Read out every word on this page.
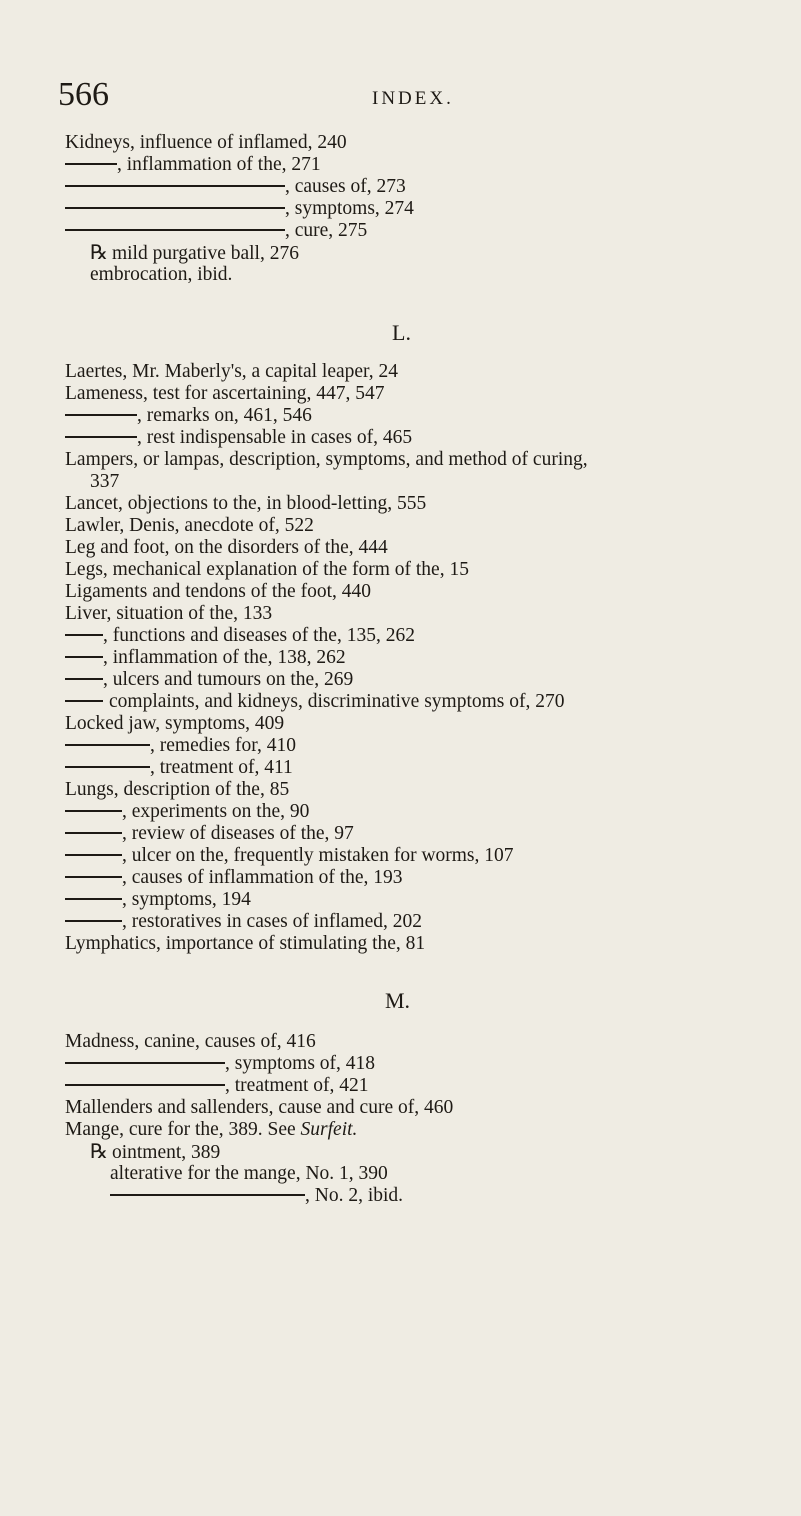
566	INDEX.
Kidneys, influence of inflamed, 240
, inflammation of the, 271
, causes of, 273
, symptoms, 274
, cure, 275
℞ mild purgative ball, 276
embrocation, ibid.
L.
Laertes, Mr. Maberly's, a capital leaper, 24
Lameness, test for ascertaining, 447, 547
, remarks on, 461, 546
, rest indispensable in cases of, 465
Lampers, or lampas, description, symptoms, and method of curing,
337
Lancet, objections to the, in blood-letting, 555
Lawler, Denis, anecdote of, 522
Leg and foot, on the disorders of the, 444
Legs, mechanical explanation of the form of the, 15
Ligaments and tendons of the foot, 440
Liver, situation of the, 133
, functions and diseases of the, 135, 262
, inflammation of the, 138, 262
, ulcers and tumours on the, 269
complaints, and kidneys, discriminative symptoms of, 270
Locked jaw, symptoms, 409
, remedies for, 410
, treatment of, 411
Lungs, description of the, 85
, experiments on the, 90
, review of diseases of the, 97
, ulcer on the, frequently mistaken for worms, 107
, causes of inflammation of the, 193
, symptoms, 194
, restoratives in cases of inflamed, 202
Lymphatics, importance of stimulating the, 81
M.
Madness, canine, causes of, 416
, symptoms of, 418
, treatment of, 421
Mallenders and sallenders, cause and cure of, 460
Mange, cure for the, 389. See Surfeit.
℞ ointment, 389
alterative for the mange, No. 1, 390
, No. 2, ibid.
